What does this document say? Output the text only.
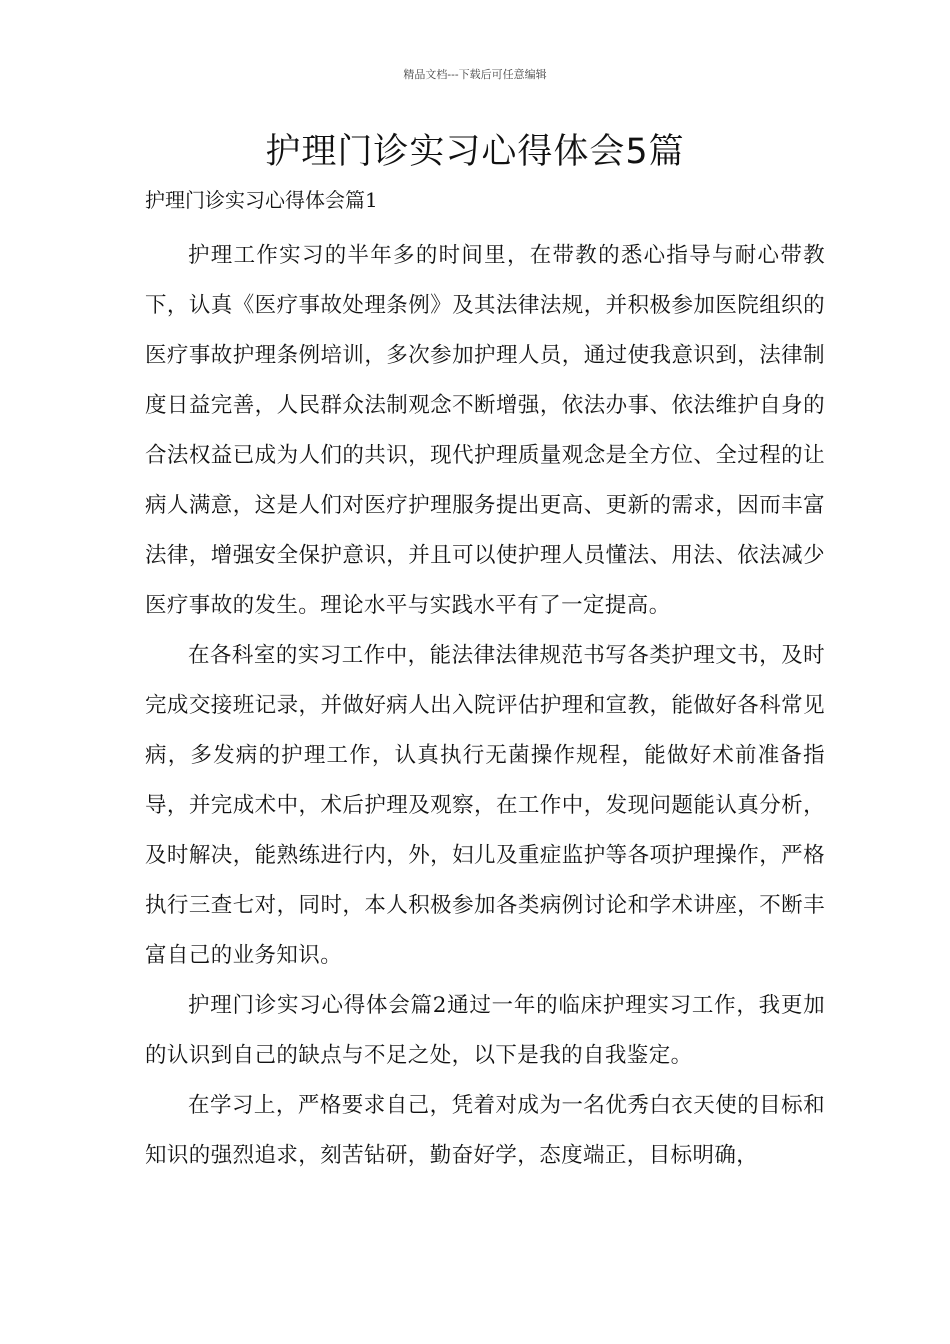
精品文档---下载后可任意编辑
护理门诊实习心得体会5篇
护理门诊实习心得体会篇1

护理工作实习的半年多的时间里，在带教的悉心指导与耐心带教下，认真《医疗事故处理条例》及其法律法规，并积极参加医院组织的医疗事故护理条例培训，多次参加护理人员，通过使我意识到，法律制度日益完善，人民群众法制观念不断增强，依法办事、依法维护自身的合法权益已成为人们的共识，现代护理质量观念是全方位、全过程的让病人满意，这是人们对医疗护理服务提出更高、更新的需求，因而丰富法律，增强安全保护意识，并且可以使护理人员懂法、用法、依法减少医疗事故的发生。理论水平与实践水平有了一定提高。

在各科室的实习工作中，能法律法律规范书写各类护理文书，及时完成交接班记录，并做好病人出入院评估护理和宣教，能做好各科常见病，多发病的护理工作，认真执行无菌操作规程，能做好术前准备指导，并完成术中，术后护理及观察，在工作中，发现问题能认真分析，及时解决，能熟练进行内，外，妇儿及重症监护等各项护理操作，严格执行三查七对，同时，本人积极参加各类病例讨论和学术讲座，不断丰富自己的业务知识。

护理门诊实习心得体会篇2通过一年的临床护理实习工作，我更加的认识到自己的缺点与不足之处，以下是我的自我鉴定。

在学习上，严格要求自己，凭着对成为一名优秀白衣天使的目标和知识的强烈追求，刻苦钻研，勤奋好学，态度端正，目标明确，
